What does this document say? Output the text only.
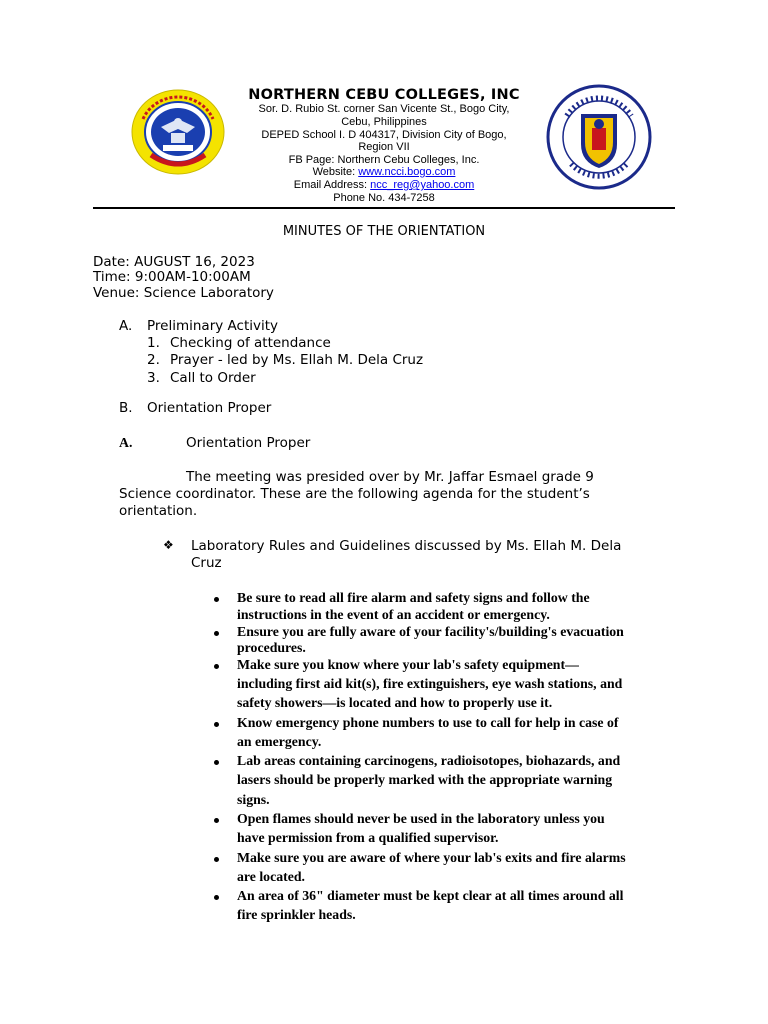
NORTHERN CEBU COLLEGES, INC
Sor. D. Rubio St. corner San Vicente St., Bogo City,
Cebu, Philippines
DEPED School I. D 404317, Division City of Bogo,
Region VII
FB Page: Northern Cebu Colleges, Inc.
Website: www.ncci.bogo.com
Email Address: ncc_reg@yahoo.com
Phone No. 434-7258
MINUTES OF THE ORIENTATION
Date: AUGUST 16, 2023
Time: 9:00AM-10:00AM
Venue: Science Laboratory
A. Preliminary Activity
1. Checking of attendance
2. Prayer - led by Ms. Ellah M. Dela Cruz
3. Call to Order
B. Orientation Proper
A.	Orientation Proper
The meeting was presided over by Mr. Jaffar Esmael grade 9
Science coordinator. These are the following agenda for the student’s
orientation.
❖ Laboratory Rules and Guidelines discussed by Ms. Ellah M. Dela
Cruz
Be sure to read all fire alarm and safety signs and follow the
instructions in the event of an accident or emergency.
Ensure you are fully aware of your facility's/building's evacuation
procedures.
Make sure you know where your lab's safety equipment—
including first aid kit(s), fire extinguishers, eye wash stations, and
safety showers—is located and how to properly use it.
Know emergency phone numbers to use to call for help in case of
an emergency.
Lab areas containing carcinogens, radioisotopes, biohazards, and
lasers should be properly marked with the appropriate warning
signs.
Open flames should never be used in the laboratory unless you
have permission from a qualified supervisor.
Make sure you are aware of where your lab's exits and fire alarms
are located.
An area of 36" diameter must be kept clear at all times around all
fire sprinkler heads.
